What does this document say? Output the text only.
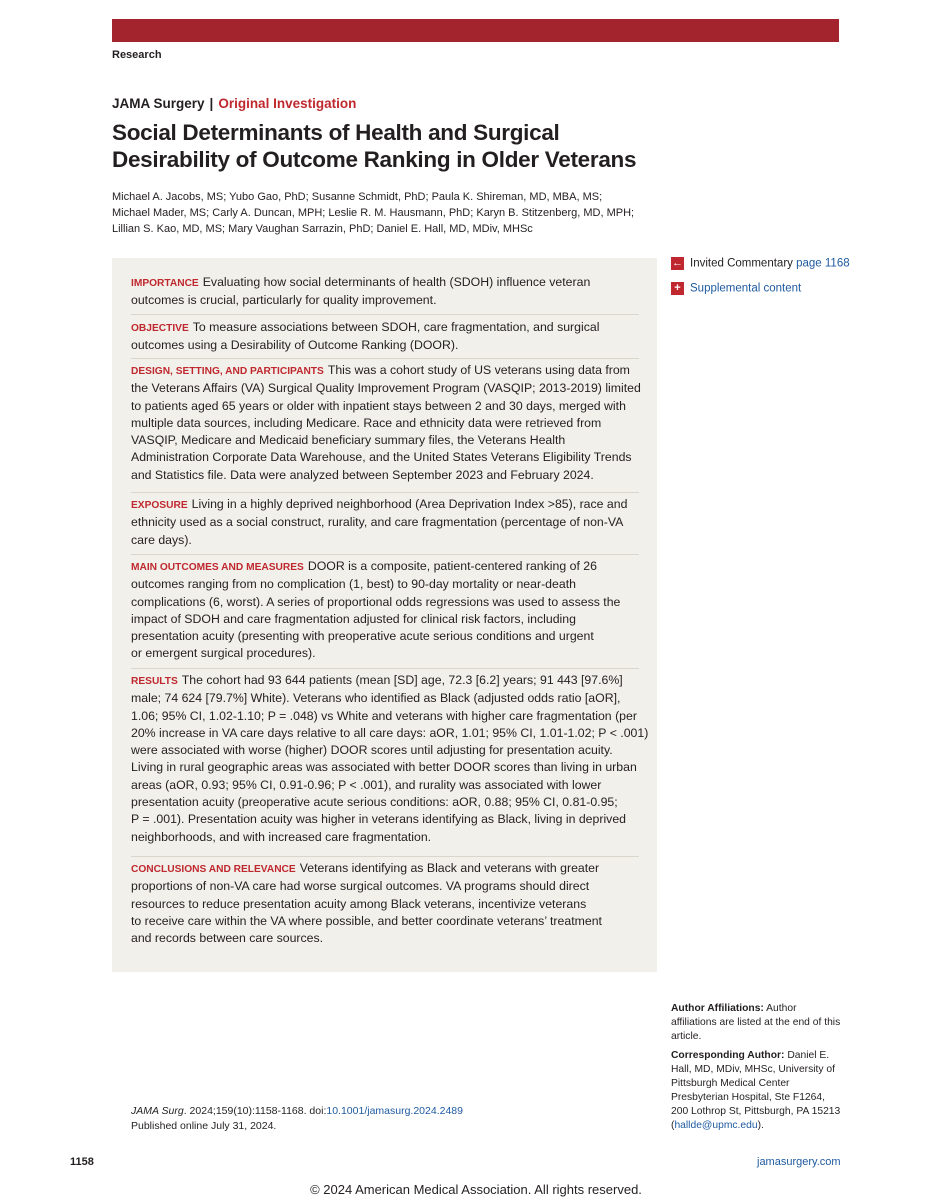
Research
JAMA Surgery | Original Investigation
Social Determinants of Health and Surgical
Desirability of Outcome Ranking in Older Veterans
Michael A. Jacobs, MS; Yubo Gao, PhD; Susanne Schmidt, PhD; Paula K. Shireman, MD, MBA, MS;
Michael Mader, MS; Carly A. Duncan, MPH; Leslie R. M. Hausmann, PhD; Karyn B. Stitzenberg, MD, MPH;
Lillian S. Kao, MD, MS; Mary Vaughan Sarrazin, PhD; Daniel E. Hall, MD, MDiv, MHSc
IMPORTANCE Evaluating how social determinants of health (SDOH) influence veteran
outcomes is crucial, particularly for quality improvement.
OBJECTIVE To measure associations between SDOH, care fragmentation, and surgical
outcomes using a Desirability of Outcome Ranking (DOOR).
DESIGN, SETTING, AND PARTICIPANTS This was a cohort study of US veterans using data from
the Veterans Affairs (VA) Surgical Quality Improvement Program (VASQIP; 2013-2019) limited
to patients aged 65 years or older with inpatient stays between 2 and 30 days, merged with
multiple data sources, including Medicare. Race and ethnicity data were retrieved from
VASQIP, Medicare and Medicaid beneficiary summary files, the Veterans Health
Administration Corporate Data Warehouse, and the United States Veterans Eligibility Trends
and Statistics file. Data were analyzed between September 2023 and February 2024.
EXPOSURE Living in a highly deprived neighborhood (Area Deprivation Index >85), race and
ethnicity used as a social construct, rurality, and care fragmentation (percentage of non-VA
care days).
MAIN OUTCOMES AND MEASURES DOOR is a composite, patient-centered ranking of 26
outcomes ranging from no complication (1, best) to 90-day mortality or near-death
complications (6, worst). A series of proportional odds regressions was used to assess the
impact of SDOH and care fragmentation adjusted for clinical risk factors, including
presentation acuity (presenting with preoperative acute serious conditions and urgent
or emergent surgical procedures).
RESULTS The cohort had 93 644 patients (mean [SD] age, 72.3 [6.2] years; 91 443 [97.6%]
male; 74 624 [79.7%] White). Veterans who identified as Black (adjusted odds ratio [aOR],
1.06; 95% CI, 1.02-1.10; P = .048) vs White and veterans with higher care fragmentation (per
20% increase in VA care days relative to all care days: aOR, 1.01; 95% CI, 1.01-1.02; P < .001)
were associated with worse (higher) DOOR scores until adjusting for presentation acuity.
Living in rural geographic areas was associated with better DOOR scores than living in urban
areas (aOR, 0.93; 95% CI, 0.91-0.96; P < .001), and rurality was associated with lower
presentation acuity (preoperative acute serious conditions: aOR, 0.88; 95% CI, 0.81-0.95;
P = .001). Presentation acuity was higher in veterans identifying as Black, living in deprived
neighborhoods, and with increased care fragmentation.
CONCLUSIONS AND RELEVANCE Veterans identifying as Black and veterans with greater
proportions of non-VA care had worse surgical outcomes. VA programs should direct
resources to reduce presentation acuity among Black veterans, incentivize veterans
to receive care within the VA where possible, and better coordinate veterans’ treatment
and records between care sources.
← Invited Commentary page 1168
+ Supplemental content
Author Affiliations: Author
affiliations are listed at the end of this
article.
Corresponding Author: Daniel E.
Hall, MD, MDiv, MHSc, University of
Pittsburgh Medical Center
Presbyterian Hospital, Ste F1264,
200 Lothrop St, Pittsburgh, PA 15213
(hallde@upmc.edu).
JAMA Surg. 2024;159(10):1158-1168. doi:10.1001/jamasurg.2024.2489
Published online July 31, 2024.
1158	jamasurgery.com
© 2024 American Medical Association. All rights reserved.
